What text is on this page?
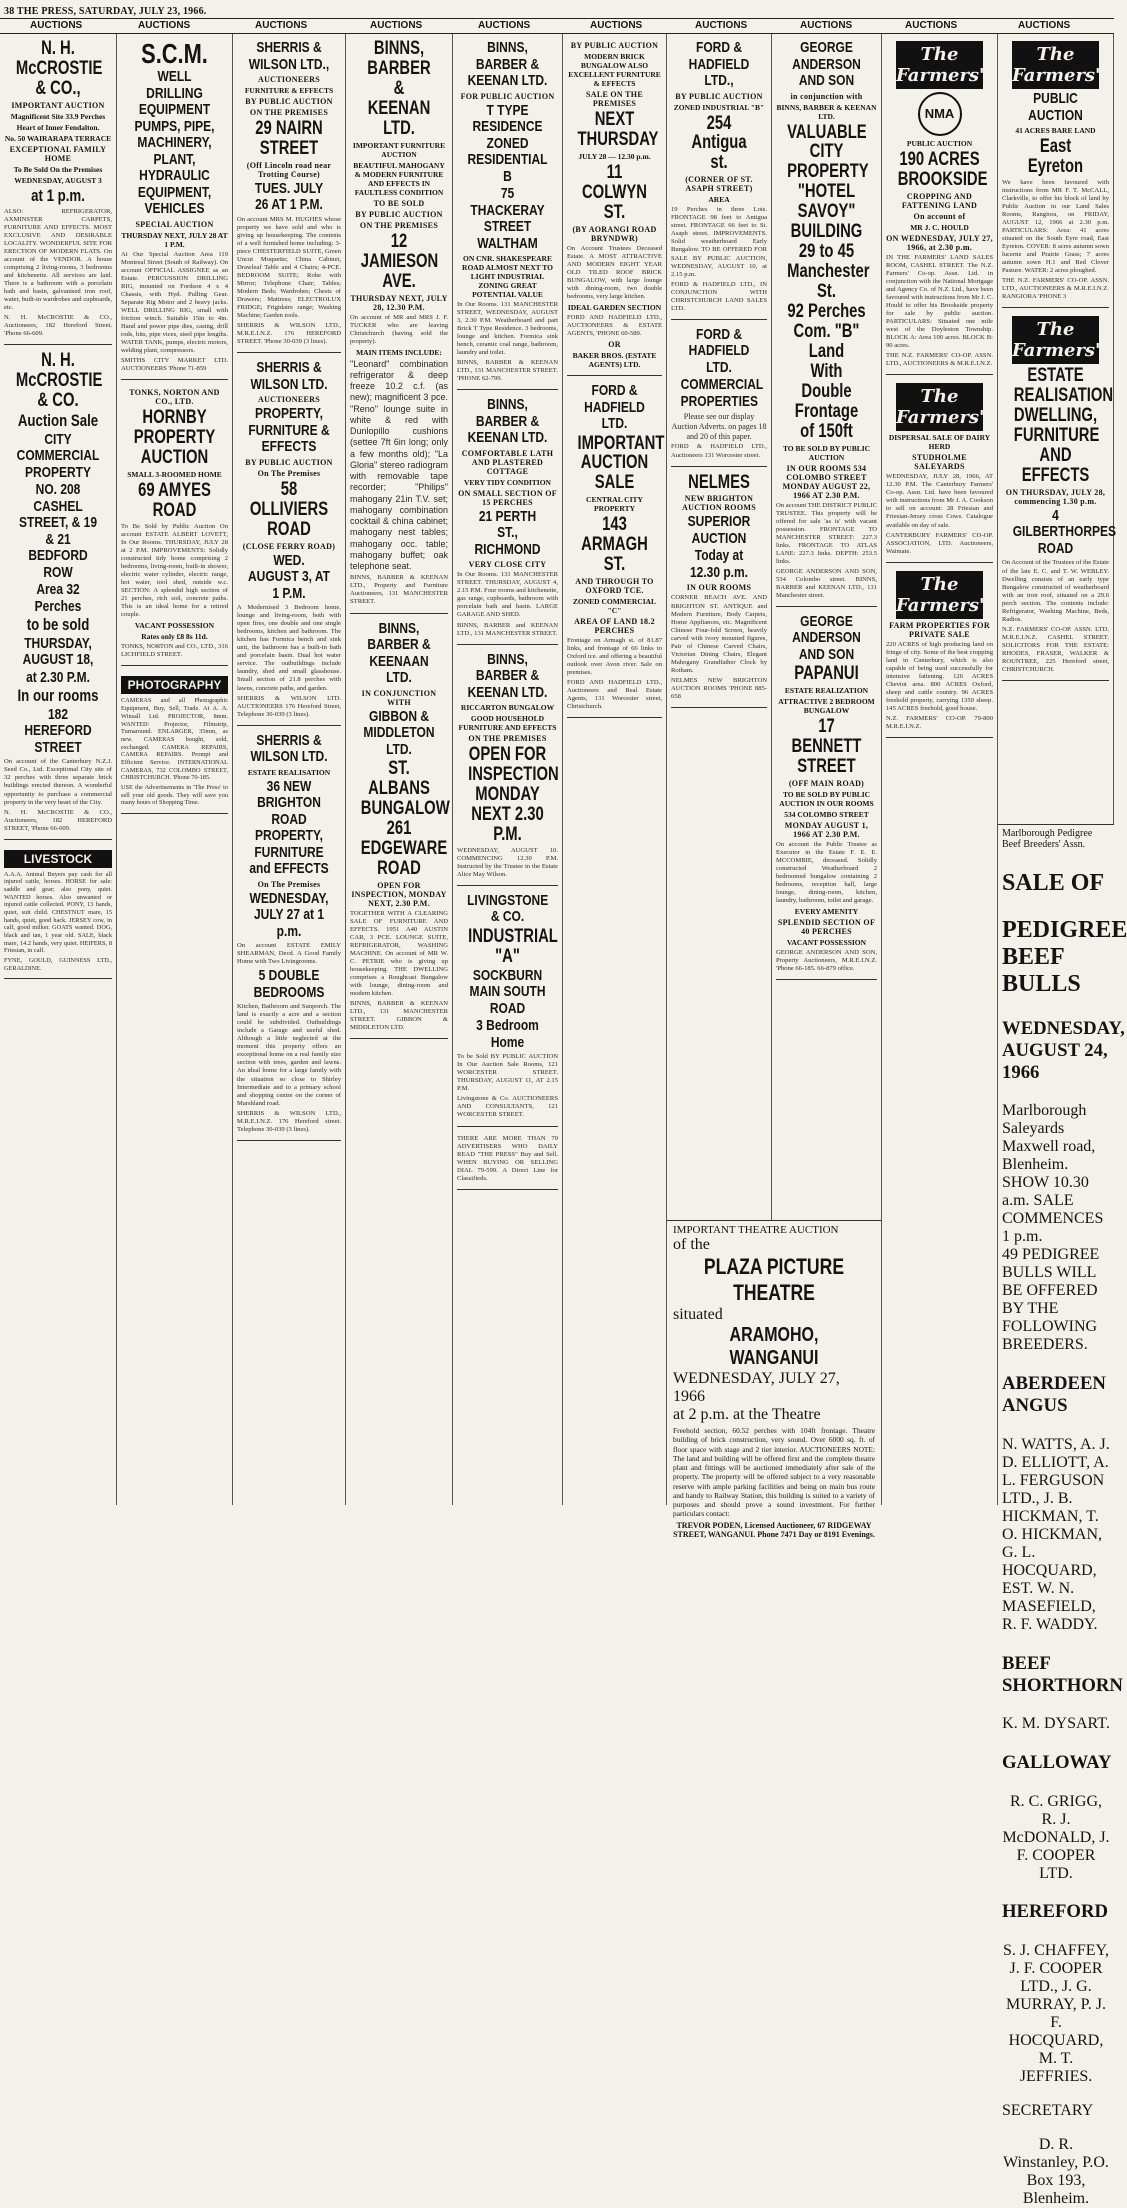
38 THE PRESS, SATURDAY, JULY 23, 1966.
AUCTIONS	AUCTIONS	AUCTIONS	AUCTIONS	AUCTIONS	AUCTIONS	AUCTIONS	AUCTIONS	AUCTIONS	AUCTIONS
N. H. McCROSTIE & CO.,
IMPORTANT AUCTION
Magnificent Site 33.9 Perches
Heart of Inner Fendalton.
No. 50 WAIRARAPA TERRACE
EXCEPTIONAL FAMILY HOME
To Be Sold On the Premises
WEDNESDAY, AUGUST 3
at 1 p.m.

ALSO: REFRIGERATOR, AXMINSTER CARPETS, FURNITURE AND EFFECTS. MOST EXCLUSIVE AND DESIRABLE LOCALITY. WONDERFUL SITE FOR ERECTION OF MODERN FLATS. On account of the VENDOR. A house comprising 2 living-rooms, 3 bedrooms and kitchenette. All services are laid. There is a bathroom with a porcelain bath and basin, galvanised iron roof, water, built-in wardrobes and cupboards, etc.

N. H. McCROSTIE & CO., Auctioneers, 182 Hereford Street. 'Phone 66-609.

N. H. McCROSTIE & CO.
Auction Sale
CITY COMMERCIAL PROPERTY
NO. 208 CASHEL STREET, & 19 & 21 BEDFORD ROW
Area 32 Perches
to be sold
THURSDAY, AUGUST 18,
at 2.30 P.M.
In our rooms
182 HEREFORD STREET

On account of the Canterbury N.Z.J. Seed Co., Ltd. Exceptional City site of 32 perches with three separate brick buildings erected thereon. A wonderful opportunity to purchase a commercial property in the very heart of the City.

N. H. McCROSTIE & CO., Auctioneers, 182 HEREFORD STREET, 'Phone 66-609.

LIVESTOCK

A.A.A. Animal Buyers pay cash for all injured cattle, horses. HORSE for sale: saddle and gear; also pony, quiet. WANTED horses. Also unwanted or injured cattle collected. PONY, 13 hands, quiet, suit child. CHESTNUT mare, 15 hands, quiet, good hack. JERSEY cow, in calf, good milker. GOATS wanted. DOG, black and tan, 1 year old. SALE, black mare, 14.2 hands, very quiet. HEIFERS, 8 Friesian, in calf.

FYNE, GOULD, GUINNESS LTD., GERALDINE.

S.C.M.
WELL DRILLING EQUIPMENT PUMPS, PIPE, MACHINERY, PLANT, HYDRAULIC EQUIPMENT, VEHICLES
SPECIAL AUCTION
THURSDAY NEXT, JULY 28 AT 1 P.M.

At Our Special Auction Area 119 Montreal Street (South of Railway). On account OFFICIAL ASSIGNEE as an Estate. PERCUSSION DRILLING RIG, mounted on Fordson 4 x 4 Chassis, with Hyd. Pulling Gear. Separate Rig Motor and 2 heavy jacks. WELL DRILLING RIG, small with friction winch. Suitable 15in to 4in. Hand and power pipe dies, casing, drill rods, bits, pipe vices, steel pipe lengths. WATER TANK, pumps, electric motors, welding plant, compressors.

SMITHS CITY MARKET LTD. AUCTIONEERS 'Phone 71-859

TONKS, NORTON AND CO., LTD.
HORNBY PROPERTY AUCTION
SMALL 3-ROOMED HOME
69 AMYES ROAD

To Be Sold by Public Auction On account ESTATE ALBERT LOVETT, In Our Rooms. THURSDAY, JULY 28 at 2 P.M. IMPROVEMENTS: Solidly constructed tidy home comprising 2 bedrooms, living-room, built-in shower, electric water cylinder, electric range, hot water, tool shed, outside w.c. SECTION: A splendid high section of 21 perches, rich soil, concrete paths. This is an ideal home for a retired couple.

VACANT POSSESSION
Rates only £8 8s 11d.

TONKS, NORTON and CO., LTD., 316 LICHFIELD STREET.

PHOTOGRAPHY

CAMERAS and all Photographic Equipment, Buy, Sell, Trade. At A. A. Winsall Ltd. PROJECTOR, 8mm. WANTED: Projector, Filmstrip, Turnaround. ENLARGER, 35mm, as new. CAMERAS bought, sold, exchanged. CAMERA REPAIRS, CAMERA REPAIRS. Prompt and Efficient Service. INTERNATIONAL CAMERAS, 732 COLOMBO STREET, CHRISTCHURCH. 'Phone 70-185.

USE the Advertisements in 'The Press' to sell your old goods. They will save you many hours of Shopping Time.

SHERRIS & WILSON LTD.,
AUCTIONEERS
FURNITURE & EFFECTS
BY PUBLIC AUCTION
ON THE PREMISES
29 NAIRN STREET
(Off Lincoln road near Trotting Course)
TUES. JULY 26 AT 1 P.M.

On account MRS M. HUGHES whose property we have sold and who is giving up housekeeping. The contents of a well furnished home including: 3-piece CHESTERFIELD SUITE, Green Uncut Moquette; China Cabinet, Drawleaf Table and 4 Chairs; 4-PCE. BEDROOM SUITE; Robe with Mirror; Telephone Chair; Tables; Modern Beds; Wardrobes; Chests of Drawers; Mattress; ELECTROLUX FRIDGE; Frigidaire range; Washing Machine; Garden tools.

SHERRIS & WILSON LTD., M.R.E.I.N.Z. 176 HEREFORD STREET. 'Phone 30-039 (3 lines).

SHERRIS & WILSON LTD.
AUCTIONEERS
PROPERTY, FURNITURE & EFFECTS
BY PUBLIC AUCTION
On The Premises
58 OLLIVIERS ROAD
(CLOSE FERRY ROAD)
WED. AUGUST 3, AT 1 P.M.

A Modernised 3 Bedroom home, lounge and living-room, both with open fires, one double and one single bedrooms, kitchen and bathroom. The kitchen has Formica bench and sink unit, the bathroom has a built-in bath and porcelain basin. Dual hot water service. The outbuildings include laundry, shed and small glasshouse. Small section of 21.8 perches with lawns, concrete paths, and garden.

SHERRIS & WILSON LTD. AUCTIONEERS 176 Hereford Street, Telephone 30-039 (3 lines).

SHERRIS & WILSON LTD.
ESTATE REALISATION
36 NEW BRIGHTON ROAD PROPERTY, FURNITURE and EFFECTS
On The Premises
WEDNESDAY, JULY 27 at 1 p.m.

On account ESTATE EMILY SHEARMAN, Decd. A Good Family Home with Two Livingrooms.

5 DOUBLE BEDROOMS

Kitchen, Bathroom and Sunporch. The land is exactly a acre and a section could be subdivided. Outbuildings include a Garage and useful shed. Although a little neglected at the moment this property offers an exceptional home on a real family size section with trees, garden and lawns. An ideal home for a large family with the situation so close to Shirley Intermediate and to a primary school and shopping centre on the corner of Marshland road.

SHERRIS & WILSON LTD., M.R.E.I.N.Z. 176 Hereford street. Telephone 30-039 (3 lines).

BINNS, BARBER & KEENAN LTD.
IMPORTANT FURNITURE AUCTION
BEAUTIFUL MAHOGANY & MODERN FURNITURE AND EFFECTS IN FAULTLESS CONDITION
TO BE SOLD
BY PUBLIC AUCTION
ON THE PREMISES
12 JAMIESON AVE.
THURSDAY NEXT, JULY 28, 12.30 P.M.

On account of MR and MRS J. F. TUCKER who are leaving Christchurch (having sold the property).

MAIN ITEMS INCLUDE:

"Leonard" combination refrigerator & deep freeze 10.2 c.f. (as new); magnificent 3 pce. "Reno" lounge suite in white & red with Dunlopillo cushions (settee 7ft 6in long; only a few months old); "La Gloria" stereo radiogram with removable tape recorder; "Philips" mahogany 21in T.V. set; mahogany combination cocktail & china cabinet; mahogany nest tables; mahogany occ. table; mahogany buffet; oak telephone seat.

BINNS, BARBER & KEENAN LTD., Property and Furniture Auctioneers, 131 MANCHESTER STREET.

BINNS, BARBER & KEENAAN LTD.
IN CONJUNCTION WITH
GIBBON & MIDDLETON LTD.
ST. ALBANS BUNGALOW
261 EDGEWARE ROAD
OPEN FOR INSPECTION, MONDAY NEXT, 2.30 P.M.

TOGETHER WITH A CLEARING SALE OF FURNITURE AND EFFECTS. 1951 A40 AUSTIN CAR, 3 PCE. LOUNGE SUITE, REFRIGERATOR, WASHING MACHINE. On account of MR W. C. PETRIE who is giving up housekeeping. THE DWELLING comprises a Roughcast Bungalow with lounge, dining-room and modern kitchen.

BINNS, BARBER & KEENAN LTD., 131 MANCHESTER STREET. GIBBON & MIDDLETON LTD.

BINNS, BARBER & KEENAN LTD.
FOR PUBLIC AUCTION
T TYPE RESIDENCE ZONED RESIDENTIAL B
75 THACKERAY STREET WALTHAM
ON CNR. SHAKESPEARE ROAD ALMOST NEXT TO LIGHT INDUSTRIAL ZONING GREAT POTENTIAL VALUE

In Our Rooms. 131 MANCHESTER STREET, WEDNESDAY, AUGUST 3, 2.30 P.M. Weatherboard and part Brick T Type Residence. 3 bedrooms, lounge and kitchen. Formica sink bench, ceramic coal range, bathroom, laundry and toilet.

BINNS, BARBER & KEENAN LTD., 131 MANCHESTER STREET. 'PHONE 62-799.

BINNS, BARBER & KEENAN LTD.
COMFORTABLE LATH AND PLASTERED COTTAGE
VERY TIDY CONDITION
ON SMALL SECTION OF 15 PERCHES
21 PERTH ST., RICHMOND
VERY CLOSE CITY

In Our Rooms. 131 MANCHESTER STREET. THURSDAY, AUGUST 4, 2.15 P.M. Four rooms and kitchenette, gas range, cupboards, bathroom with porcelain bath and basin. LARGE GARAGE AND SHED.

BINNS, BARBER and KEENAN LTD., 131 MANCHESTER STREET.

BINNS, BARBER & KEENAN LTD.
RICCARTON BUNGALOW
GOOD HOUSEHOLD FURNITURE AND EFFECTS
ON THE PREMISES
OPEN FOR INSPECTION MONDAY NEXT 2.30 P.M.

WEDNESDAY, AUGUST 10. COMMENCING 12.30 P.M. Instructed by the Trustee in the Estate Alice May Wilson.

LIVINGSTONE & CO.
INDUSTRIAL "A"
SOCKBURN MAIN SOUTH ROAD
3 Bedroom Home

To be Sold BY PUBLIC AUCTION In Our Auction Sale Rooms, 121 WORCESTER STREET. THURSDAY, AUGUST 11, AT 2.15 P.M.

Livingstone & Co. AUCTIONEERS AND CONSULTANTS, 121 WORCESTER STREET.

THERE ARE MORE THAN 70 ADVERTISERS WHO DAILY READ "THE PRESS" Buy and Sell. WHEN BUYING OR SELLING DIAL 79-599. A Direct Line for Classifieds.

BY PUBLIC AUCTION
MODERN BRICK BUNGALOW ALSO EXCELLENT FURNITURE & EFFECTS
SALE ON THE PREMISES
NEXT THURSDAY
JULY 28 — 12.30 p.m.
11 COLWYN ST.
(BY AORANGI ROAD BRYNDWR)

On Account Trustees Deceased Estate. A MOST ATTRACTIVE AND MODERN EIGHT YEAR OLD TILED ROOF BRICK BUNGALOW, with large lounge with dining-room, two double bedrooms, very large kitchen.

IDEAL GARDEN SECTION

FORD AND HADFIELD LTD., AUCTIONEERS & ESTATE AGENTS, 'PHONE 60-589.

OR
BAKER BROS. (ESTATE AGENTS) LTD.
FORD & HADFIELD LTD.
IMPORTANT AUCTION SALE
CENTRAL CITY PROPERTY
143 ARMAGH ST.
AND THROUGH TO OXFORD TCE.
ZONED COMMERCIAL "C"
AREA OF LAND 18.2 PERCHES

Frontage on Armagh st. of 81.87 links, and frontage of 66 links to Oxford tce. and offering a beautiful outlook over Avon river. Sale on premises.

FORD AND HADFIELD LTD., Auctioneers and Real Estate Agents, 131 Worcester street, Christchurch.

FORD & HADFIELD LTD.,
BY PUBLIC AUCTION
ZONED INDUSTRIAL "B"
254 Antigua st.
(CORNER OF ST. ASAPH STREET)
AREA

19 Perches in three Lots. FRONTAGE 98 feet to Antigua street. FRONTAGE 66 feet to St. Asaph street. IMPROVEMENTS. Solid weatherboard Early Bungalow. TO BE OFFERED FOR SALE BY PUBLIC AUCTION, WEDNESDAY, AUGUST 10, at 2.15 p.m.

FORD & HADFIELD LTD., IN CONJUNCTION WITH CHRISTCHURCH LAND SALES LTD.

FORD & HADFIELD LTD.
COMMERCIAL PROPERTIES

Please see our display Auction Adverts. on pages 18 and 20 of this paper.

FORD & HADFIELD LTD., Auctioneers 131 Worcester street.

NELMES
NEW BRIGHTON AUCTION ROOMS
SUPERIOR AUCTION
Today at 12.30 p.m.
IN OUR ROOMS

CORNER BEACH AVE. AND BRIGHTON ST. ANTIQUE and Modern Furniture, Body Carpets, Home Appliances, etc. Magnificent Chinese Four-fold Screen, heavily carved with ivory mounted figures, Pair of Chinese Carved Chairs, Victorian Dining Chairs, Elegant Mahogany Grandfather Clock by Rotham.

NELMES NEW BRIGHTON AUCTION ROOMS 'PHONE 885-658

GEORGE ANDERSON AND SON
in conjunction with
BINNS, BARBER & KEENAN LTD.
VALUABLE CITY PROPERTY
"HOTEL SAVOY"
BUILDING
29 to 45
Manchester St.
92 Perches
Com. "B" Land
With Double Frontage of 150ft
TO BE SOLD BY PUBLIC AUCTION
IN OUR ROOMS 534 COLOMBO STREET MONDAY AUGUST 22, 1966 AT 2.30 P.M.

On account THE DISTRICT PUBLIC TRUSTEE. This property will be offered for sale 'as is' with vacant possession. FRONTAGE TO MANCHESTER STREET: 227.3 links. FRONTAGE TO ATLAS LANE: 227.3 links. DEPTH: 253.5 links.

GEORGE ANDERSON AND SON, 534 Colombo street. BINNS, BARBER and KEENAN LTD., 131 Manchester street.

GEORGE ANDERSON AND SON
PAPANUI
ESTATE REALIZATION
ATTRACTIVE 2 BEDROOM BUNGALOW
17 BENNETT STREET
(OFF MAIN ROAD)
TO BE SOLD BY PUBLIC AUCTION IN OUR ROOMS
534 COLOMBO STREET
MONDAY AUGUST 1, 1966 AT 2.30 P.M.

On account the Public Trustee as Executor in the Estate F. E. E. MCCOMBIE, deceased. Solidly constructed Weatherboard 2 bedroomed bungalow containing 2 bedrooms, reception hall, large lounge, dining-room, kitchen, laundry, bathroom, toilet and garage.

EVERY AMENITY
SPLENDID SECTION OF 40 PERCHES
VACANT POSSESSION

GEORGE ANDERSON AND SON, Property Auctioneers, M.R.E.I.N.Z. 'Phone 66-185. 66-879 office.

The Farmers'
NMA
PUBLIC AUCTION
190 ACRES
BROOKSIDE
CROPPING AND FATTENING LAND
On account of
MR J. C. HOULD
ON WEDNESDAY, JULY 27, 1966, at 2.30 p.m.

IN THE FARMERS' LAND SALES ROOM, CASHEL STREET. The N.Z. Farmers' Co-op. Assn. Ltd. in conjunction with the National Mortgage and Agency Co. of N.Z. Ltd., have been favoured with instructions from Mr J. C. Hould to offer his Brookside property for sale by public auction. PARTICULARS: Situated one mile west of the Doyleston Township. BLOCK A: Area 100 acres. BLOCK B: 90 acres.

THE N.Z. FARMERS' CO-OP. ASSN. LTD., AUCTIONEERS & M.R.E.I.N.Z.

The Farmers'
DISPERSAL SALE OF DAIRY HERD
STUDHOLME SALEYARDS

WEDNESDAY, JULY 28, 1966, AT 12.30 P.M. The Canterbury Farmers' Co-op. Assn. Ltd. have been favoured with instructions from Mr J. A. Cookson to sell on account: 28 Friesian and Friesian-Jersey cross Cows. Catalogue available on day of sale.

CANTERBURY FARMERS' CO-OP. ASSOCIATION, LTD. Auctioneers, Waimate.

The Farmers'
FARM PROPERTIES FOR PRIVATE SALE

220 ACRES of high producing land on fringe of city. Some of the best cropping land in Canterbury, which is also capable of being used successfully for intensive fattening. 126 ACRES Cheviot area. 800 ACRES Oxford, sheep and cattle country. 96 ACRES freehold property, carrying 1350 sheep. 145 ACRES freehold, good house.

N.Z. FARMERS' CO-OP. 79-800 M.R.E.I.N.Z.

The Farmers'
PUBLIC AUCTION
41 ACRES BARE LAND
East Eyreton

We have been favoured with instructions from MR F. T. McCALL, Clarkville, to offer his block of land by Public Auction in our Land Sales Rooms, Rangiora, on FRIDAY, AUGUST 12, 1966 at 2.30 p.m. PARTICULARS: Area: 41 acres situated on the South Eyre road, East Eyreton. COVER: 8 acres autumn sown lucerne and Prairie Grass; 7 acres autumn sown H.1 and Red Clover Pasture. WATER: 2 acres ploughed.

THE N.Z. FARMERS' CO-OP. ASSN. LTD., AUCTIONEERS & M.R.E.I.N.Z. RANGIORA 'PHONE 3

The Farmers'
ESTATE REALISATION
DWELLING, FURNITURE AND EFFECTS
ON THURSDAY, JULY 28, commencing 1.30 p.m.
4 GILBERTHORPES ROAD

On Account of the Trustees of the Estate of the late E. C. and T. W. WEBLEY. Dwelling consists of an early type Bungalow constructed of weatherboard with an iron roof, situated on a 29.6 perch section. The contents include: Refrigerator, Washing Machine, Beds, Radios.

N.Z. FARMERS' CO-OP. ASSN. LTD. M.R.E.I.N.Z. CASHEL STREET. SOLICITORS FOR THE ESTATE: RHODES, FRASER, WALKER & ROUNTREE, 225 Hereford street, CHRISTCHURCH.

IMPORTANT THEATRE AUCTION
of the
PLAZA PICTURE THEATRE
situated
ARAMOHO, WANGANUI
WEDNESDAY, JULY 27, 1966
at 2 p.m. at the Theatre

Freehold section, 60.52 perches with 104ft frontage. Theatre building of brick construction, very sound. Over 6000 sq. ft. of floor space with stage and 2 tier interior. AUCTIONEERS NOTE: The land and building will be offered first and the complete theatre plant and fittings will be auctioned immediately after sale of the property. The property will be offered subject to a very reasonable reserve with ample parking facilities and being on main bus route and handy to Railway Station, this building is suited to a variety of purposes and should prove a sound investment. For further particulars contact:

TREVOR PODEN, Licensed Auctioneer, 67 RIDGEWAY STREET, WANGANUI. Phone 7471 Day or 8191 Evenings.

Marlborough Pedigree Beef Breeders' Assn.
SALE OF
PEDIGREE BEEF BULLS
WEDNESDAY, AUGUST 24, 1966
Marlborough Saleyards
Maxwell road, Blenheim.
SHOW 10.30 a.m. SALE COMMENCES 1 p.m.
49 PEDIGREE BULLS WILL BE OFFERED BY THE FOLLOWING BREEDERS.
ABERDEEN ANGUS

N. WATTS, A. J. D. ELLIOTT, A. L. FERGUSON LTD., J. B. HICKMAN, T. O. HICKMAN, G. L. HOCQUARD, EST. W. N. MASEFIELD, R. F. WADDY.

BEEF SHORTHORN

K. M. DYSART.

GALLOWAY

R. C. GRIGG, R. J. McDONALD, J. F. COOPER LTD.

HEREFORD

S. J. CHAFFEY, J. F. COOPER LTD., J. G. MURRAY, P. J. F. HOCQUARD, M. T. JEFFRIES.

SECRETARY

D. R. Winstanley, P.O. Box 193, Blenheim.
